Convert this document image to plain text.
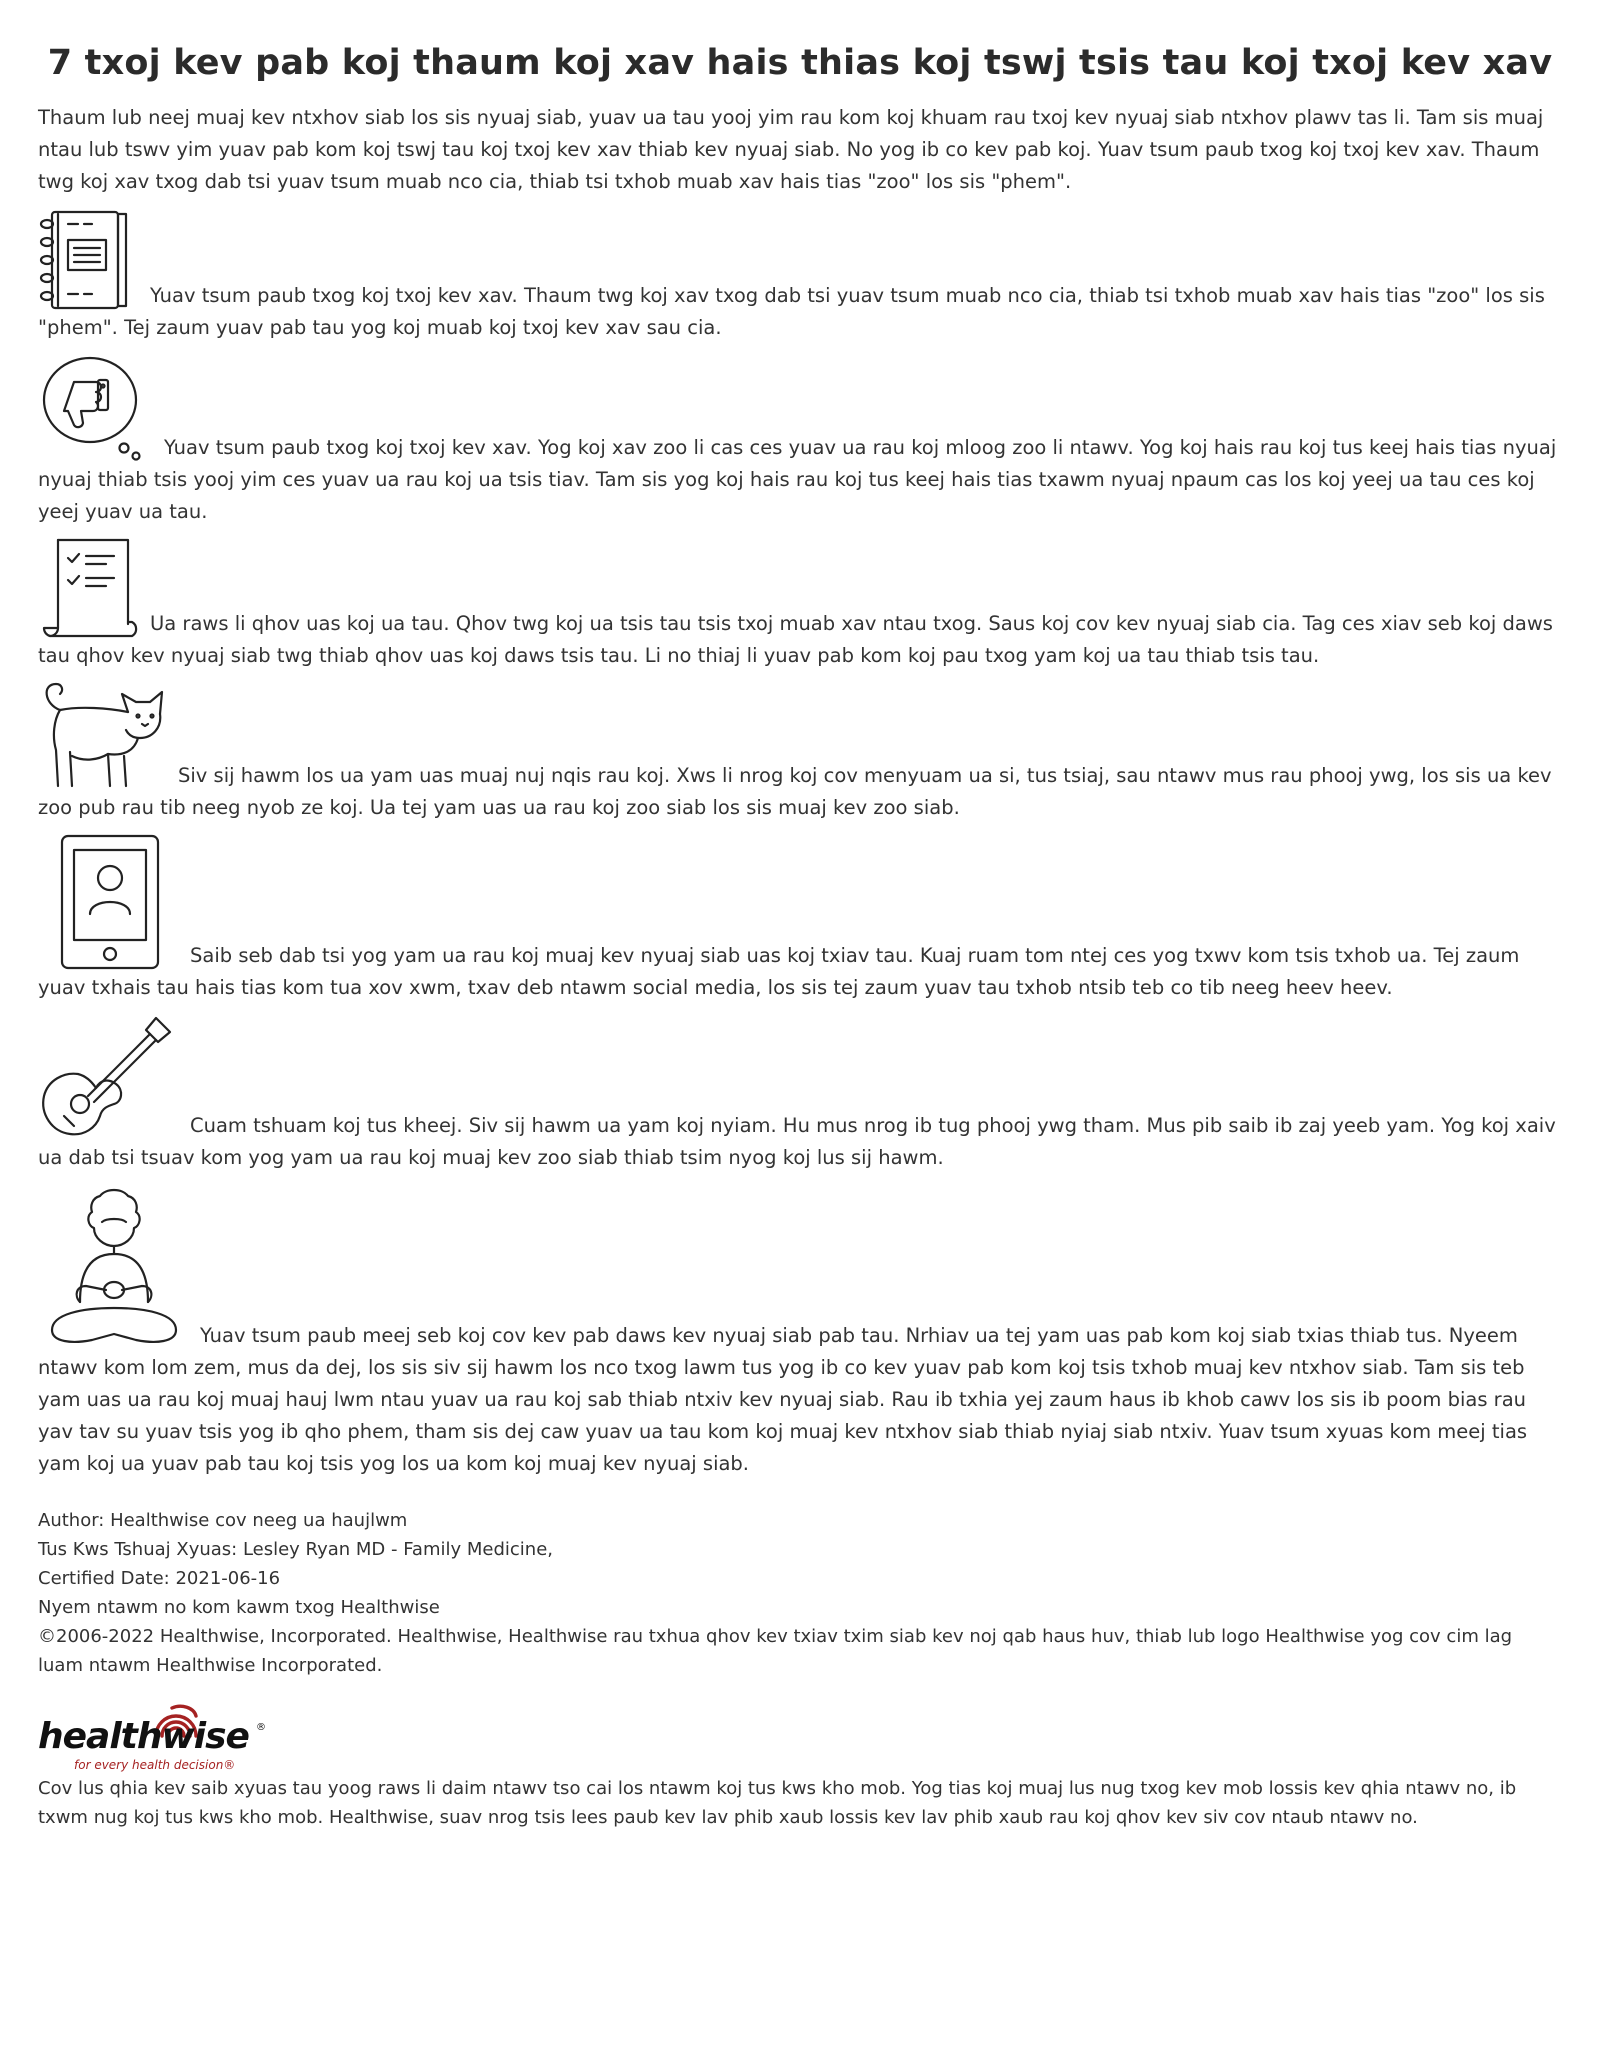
7 txoj kev pab koj thaum koj xav hais thias koj tswj tsis tau koj txoj kev xav

Thaum lub neej muaj kev ntxhov siab los sis nyuaj siab, yuav ua tau yooj yim rau kom koj khuam rau txoj kev nyuaj siab ntxhov plawv tas li. Tam sis muaj ntau lub tswv yim yuav pab kom koj tswj tau koj txoj kev xav thiab kev nyuaj siab. No yog ib co kev pab koj. Yuav tsum paub txog koj txoj kev xav. Thaum twg koj xav txog dab tsi yuav tsum muab nco cia, thiab tsi txhob muab xav hais tias "zoo" los sis "phem".

Yuav tsum paub txog koj txoj kev xav. Thaum twg koj xav txog dab tsi yuav tsum muab nco cia, thiab tsi txhob muab xav hais tias "zoo" los sis "phem". Tej zaum yuav pab tau yog koj muab koj txoj kev xav sau cia.

Yuav tsum paub txog koj txoj kev xav. Yog koj xav zoo li cas ces yuav ua rau koj mloog zoo li ntawv. Yog koj hais rau koj tus keej hais tias nyuaj nyuaj thiab tsis yooj yim ces yuav ua rau koj ua tsis tiav. Tam sis yog koj hais rau koj tus keej hais tias txawm nyuaj npaum cas los koj yeej ua tau ces koj yeej yuav ua tau.

Ua raws li qhov uas koj ua tau. Qhov twg koj ua tsis tau tsis txoj muab xav ntau txog. Saus koj cov kev nyuaj siab cia. Tag ces xiav seb koj daws tau qhov kev nyuaj siab twg thiab qhov uas koj daws tsis tau. Li no thiaj li yuav pab kom koj pau txog yam koj ua tau thiab tsis tau.

Siv sij hawm los ua yam uas muaj nuj nqis rau koj. Xws li nrog koj cov menyuam ua si, tus tsiaj, sau ntawv mus rau phooj ywg, los sis ua kev zoo pub rau tib neeg nyob ze koj. Ua tej yam uas ua rau koj zoo siab los sis muaj kev zoo siab.

Saib seb dab tsi yog yam ua rau koj muaj kev nyuaj siab uas koj txiav tau. Kuaj ruam tom ntej ces yog txwv kom tsis txhob ua. Tej zaum yuav txhais tau hais tias kom tua xov xwm, txav deb ntawm social media, los sis tej zaum yuav tau txhob ntsib teb co tib neeg heev heev.

Cuam tshuam koj tus kheej. Siv sij hawm ua yam koj nyiam. Hu mus nrog ib tug phooj ywg tham. Mus pib saib ib zaj yeeb yam. Yog koj xaiv ua dab tsi tsuav kom yog yam ua rau koj muaj kev zoo siab thiab tsim nyog koj lus sij hawm.

Yuav tsum paub meej seb koj cov kev pab daws kev nyuaj siab pab tau. Nrhiav ua tej yam uas pab kom koj siab txias thiab tus. Nyeem ntawv kom lom zem, mus da dej, los sis siv sij hawm los nco txog lawm tus yog ib co kev yuav pab kom koj tsis txhob muaj kev ntxhov siab. Tam sis teb yam uas ua rau koj muaj hauj lwm ntau yuav ua rau koj sab thiab ntxiv kev nyuaj siab. Rau ib txhia yej zaum haus ib khob cawv los sis ib poom bias rau yav tav su yuav tsis yog ib qho phem, tham sis dej caw yuav ua tau kom koj muaj kev ntxhov siab thiab nyiaj siab ntxiv. Yuav tsum xyuas kom meej tias yam koj ua yuav pab tau koj tsis yog los ua kom koj muaj kev nyuaj siab.

Author: Healthwise cov neeg ua haujlwm
Tus Kws Tshuaj Xyuas: Lesley Ryan MD - Family Medicine,
Certified Date: 2021-06-16
Nyem ntawm no kom kawm txog Healthwise
©2006-2022 Healthwise, Incorporated. Healthwise, Healthwise rau txhua qhov kev txiav txim siab kev noj qab haus huv, thiab lub logo Healthwise yog cov cim lag luam ntawm Healthwise Incorporated.
healthwise ®
for every health decision®
Cov lus qhia kev saib xyuas tau yoog raws li daim ntawv tso cai los ntawm koj tus kws kho mob. Yog tias koj muaj lus nug txog kev mob lossis kev qhia ntawv no, ib txwm nug koj tus kws kho mob. Healthwise, suav nrog tsis lees paub kev lav phib xaub lossis kev lav phib xaub rau koj qhov kev siv cov ntaub ntawv no.
